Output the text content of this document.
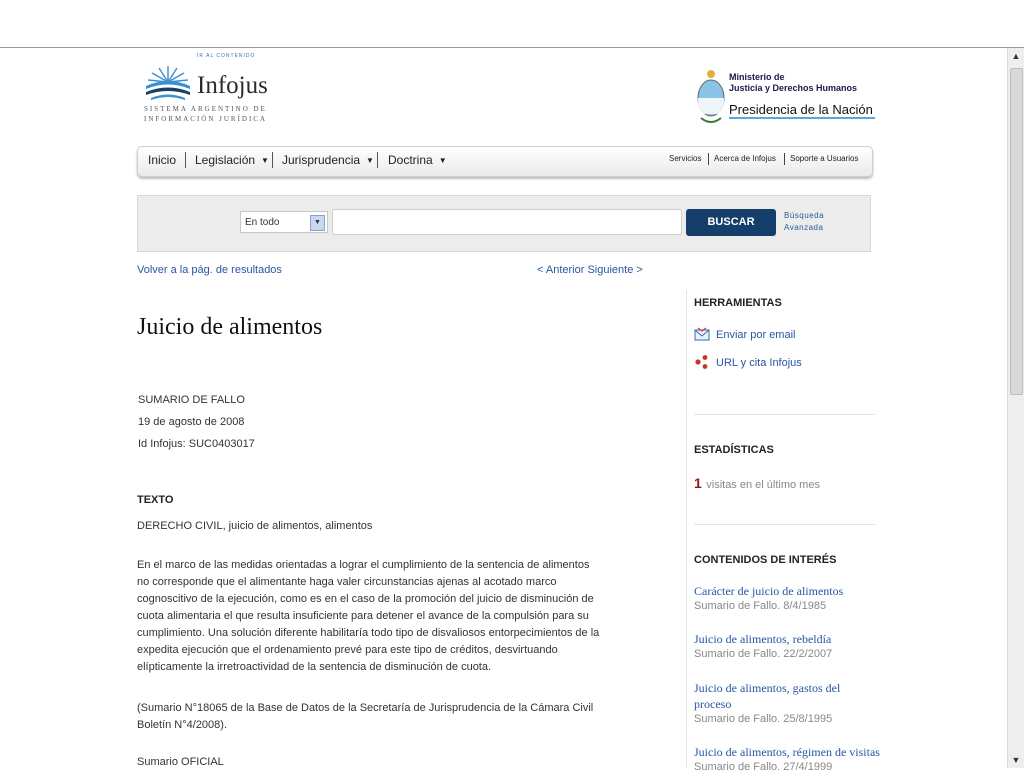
▲
▼
IR AL CONTENIDO
Infojus
SISTEMA ARGENTINO DE
INFORMACIÓN JURÍDICA
Ministerio de
Justicia y Derechos Humanos
Presidencia de la Nación
Inicio Legislación ▼ Jurisprudencia ▼ Doctrina ▼	Servicios Acerca de Infojus Soporte a Usuarios
En todo	▼	BUSCAR
Búsqueda
Avanzada
Volver a la pág. de resultados	< Anterior Siguiente >
Juicio de alimentos
SUMARIO DE FALLO
19 de agosto de 2008
Id Infojus: SUC0403017
TEXTO
DERECHO CIVIL, juicio de alimentos, alimentos
En el marco de las medidas orientadas a lograr el cumplimiento de la sentencia de alimentos
no corresponde que el alimentante haga valer circunstancias ajenas al acotado marco
cognoscitivo de la ejecución, como es en el caso de la promoción del juicio de disminución de
cuota alimentaria el que resulta insuficiente para detener el avance de la compulsión para su
cumplimiento. Una solución diferente habilitaría todo tipo de disvaliosos entorpecimientos de la
expedita ejecución que el ordenamiento prevé para este tipo de créditos, desvirtuando
elípticamente la irretroactividad de la sentencia de disminución de cuota.
(Sumario N°18065 de la Base de Datos de la Secretaría de Jurisprudencia de la Cámara Civil
Boletín N°4/2008).
Sumario OFICIAL
HERRAMIENTAS
Enviar por email
URL y cita Infojus
ESTADÍSTICAS
1 visitas en el último mes
CONTENIDOS DE INTERÉS
Carácter de juicio de alimentos
Sumario de Fallo. 8/4/1985
Juicio de alimentos, rebeldía
Sumario de Fallo. 22/2/2007
Juicio de alimentos, gastos del
proceso
Sumario de Fallo. 25/8/1995
Juicio de alimentos, régimen de visitas
Sumario de Fallo. 27/4/1999
